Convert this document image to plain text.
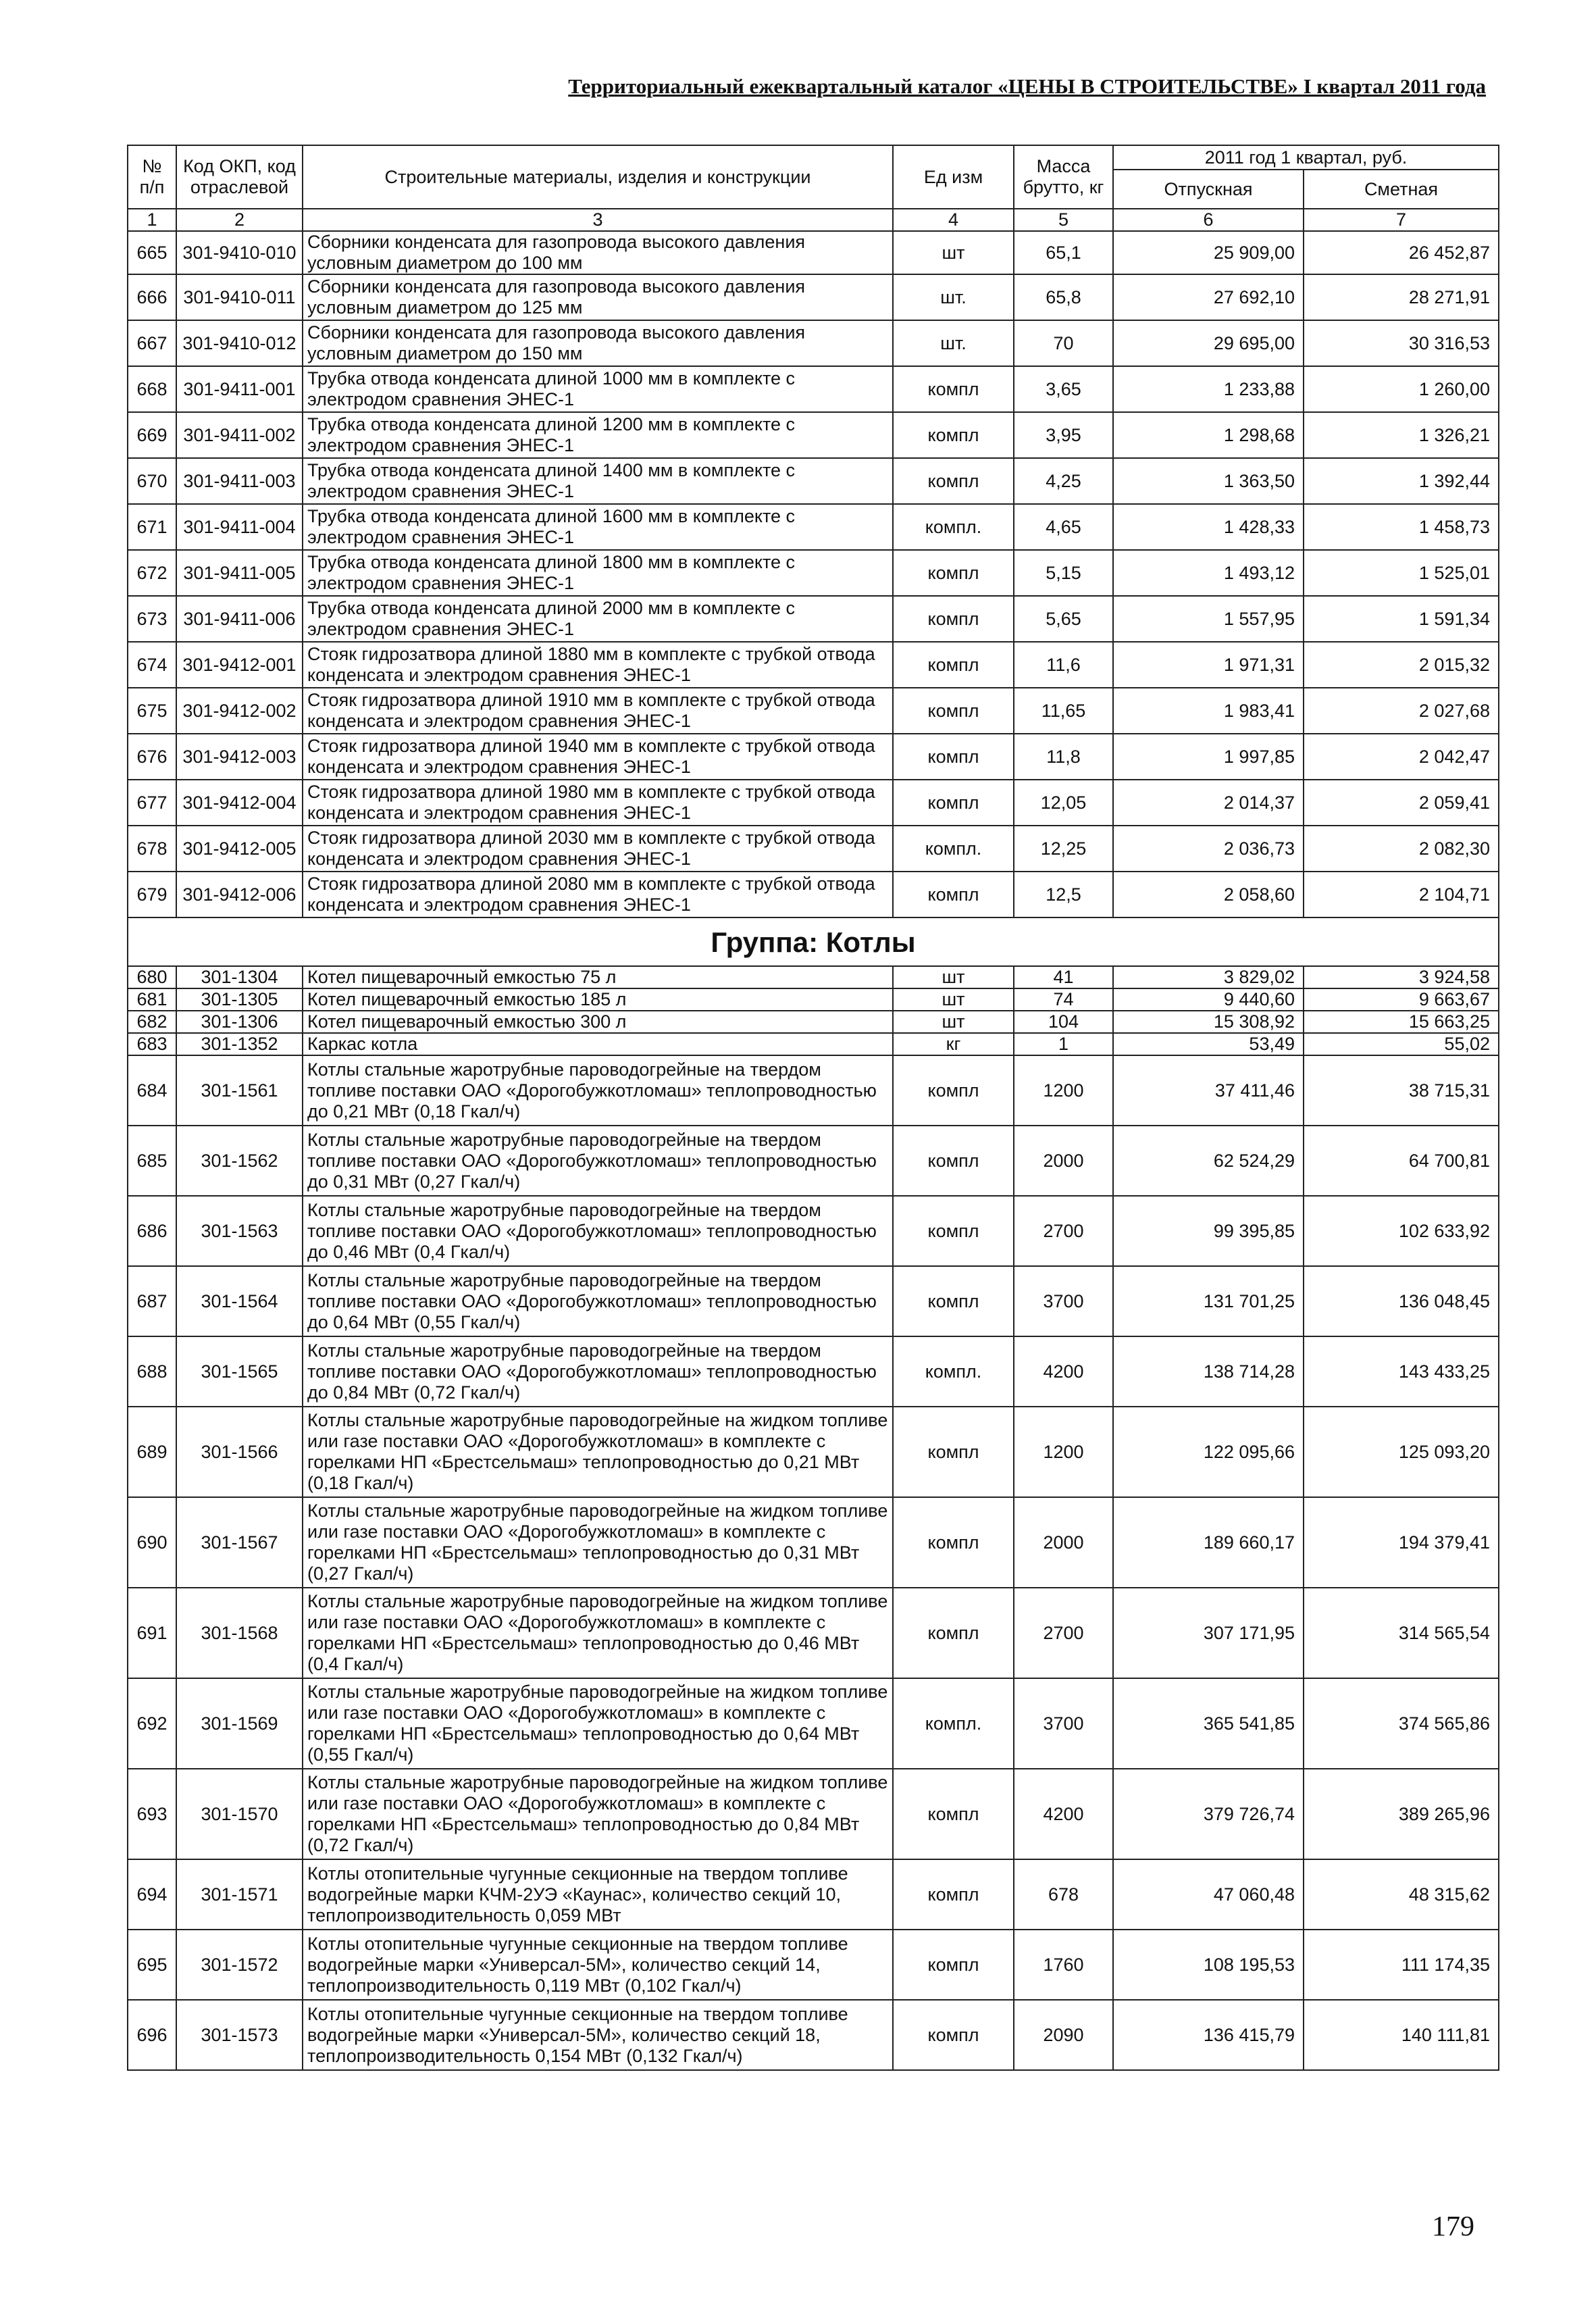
Территориальный ежеквартальный каталог «ЦЕНЫ В СТРОИТЕЛЬСТВЕ» I квартал 2011 года
№ п/п	Код ОКП, код отраслевой	Строительные материалы, изделия и конструкции	Ед изм	Масса брутто, кг	2011 год 1 квартал, руб.	
					Отпускная	Сметная
1	2	3	4	5	6	7
665	301-9410-010	Сборники конденсата для газопровода высокого давления условным диаметром до 100 мм	шт	65,1	25 909,00	26 452,87
666	301-9410-011	Сборники конденсата для газопровода высокого давления условным диаметром до 125 мм	шт.	65,8	27 692,10	28 271,91
667	301-9410-012	Сборники конденсата для газопровода высокого давления условным диаметром до 150 мм	шт.	70	29 695,00	30 316,53
668	301-9411-001	Трубка отвода конденсата длиной 1000 мм в комплекте с электродом сравнения ЭНЕС-1	компл	3,65	1 233,88	1 260,00
669	301-9411-002	Трубка отвода конденсата длиной 1200 мм в комплекте с электродом сравнения ЭНЕС-1	компл	3,95	1 298,68	1 326,21
670	301-9411-003	Трубка отвода конденсата длиной 1400 мм в комплекте с электродом сравнения ЭНЕС-1	компл	4,25	1 363,50	1 392,44
671	301-9411-004	Трубка отвода конденсата длиной 1600 мм в комплекте с электродом сравнения ЭНЕС-1	компл.	4,65	1 428,33	1 458,73
672	301-9411-005	Трубка отвода конденсата длиной 1800 мм в комплекте с электродом сравнения ЭНЕС-1	компл	5,15	1 493,12	1 525,01
673	301-9411-006	Трубка отвода конденсата длиной 2000 мм в комплекте с электродом сравнения ЭНЕС-1	компл	5,65	1 557,95	1 591,34
674	301-9412-001	Стояк гидрозатвора длиной 1880 мм в комплекте с трубкой отвода конденсата и электродом сравнения ЭНЕС-1	компл	11,6	1 971,31	2 015,32
675	301-9412-002	Стояк гидрозатвора длиной 1910 мм в комплекте с трубкой отвода конденсата и электродом сравнения ЭНЕС-1	компл	11,65	1 983,41	2 027,68
676	301-9412-003	Стояк гидрозатвора длиной 1940 мм в комплекте с трубкой отвода конденсата и электродом сравнения ЭНЕС-1	компл	11,8	1 997,85	2 042,47
677	301-9412-004	Стояк гидрозатвора длиной 1980 мм в комплекте с трубкой отвода конденсата и электродом сравнения ЭНЕС-1	компл	12,05	2 014,37	2 059,41
678	301-9412-005	Стояк гидрозатвора длиной 2030 мм в комплекте с трубкой отвода конденсата и электродом сравнения ЭНЕС-1	компл.	12,25	2 036,73	2 082,30
679	301-9412-006	Стояк гидрозатвора длиной 2080 мм в комплекте с трубкой отвода конденсата и электродом сравнения ЭНЕС-1	компл	12,5	2 058,60	2 104,71
Группа: Котлы						
680	301-1304	Котел пищеварочный емкостью 75 л	шт	41	3 829,02	3 924,58
681	301-1305	Котел пищеварочный емкостью 185 л	шт	74	9 440,60	9 663,67
682	301-1306	Котел пищеварочный емкостью 300 л	шт	104	15 308,92	15 663,25
683	301-1352	Каркас котла	кг	1	53,49	55,02
684	301-1561	Котлы стальные жаротрубные пароводогрейные на твердом топливе поставки ОАО «Дорогобужкотломаш» теплопроводностью до 0,21 МВт (0,18 Гкал/ч)	компл	1200	37 411,46	38 715,31
685	301-1562	Котлы стальные жаротрубные пароводогрейные на твердом топливе поставки ОАО «Дорогобужкотломаш» теплопроводностью до 0,31 МВт (0,27 Гкал/ч)	компл	2000	62 524,29	64 700,81
686	301-1563	Котлы стальные жаротрубные пароводогрейные на твердом топливе поставки ОАО «Дорогобужкотломаш» теплопроводностью до 0,46 МВт (0,4 Гкал/ч)	компл	2700	99 395,85	102 633,92
687	301-1564	Котлы стальные жаротрубные пароводогрейные на твердом топливе поставки ОАО «Дорогобужкотломаш» теплопроводностью до 0,64 МВт (0,55 Гкал/ч)	компл	3700	131 701,25	136 048,45
688	301-1565	Котлы стальные жаротрубные пароводогрейные на твердом топливе поставки ОАО «Дорогобужкотломаш» теплопроводностью до 0,84 МВт (0,72 Гкал/ч)	компл.	4200	138 714,28	143 433,25
689	301-1566	Котлы стальные жаротрубные пароводогрейные на жидком топливе или газе поставки ОАО «Дорогобужкотломаш» в комплекте с горелками НП «Брестсельмаш» теплопроводностью до 0,21 МВт (0,18 Гкал/ч)	компл	1200	122 095,66	125 093,20
690	301-1567	Котлы стальные жаротрубные пароводогрейные на жидком топливе или газе поставки ОАО «Дорогобужкотломаш» в комплекте с горелками НП «Брестсельмаш» теплопроводностью до 0,31 МВт (0,27 Гкал/ч)	компл	2000	189 660,17	194 379,41
691	301-1568	Котлы стальные жаротрубные пароводогрейные на жидком топливе или газе поставки ОАО «Дорогобужкотломаш» в комплекте с горелками НП «Брестсельмаш» теплопроводностью до 0,46 МВт (0,4 Гкал/ч)	компл	2700	307 171,95	314 565,54
692	301-1569	Котлы стальные жаротрубные пароводогрейные на жидком топливе или газе поставки ОАО «Дорогобужкотломаш» в комплекте с горелками НП «Брестсельмаш» теплопроводностью до 0,64 МВт (0,55 Гкал/ч)	компл.	3700	365 541,85	374 565,86
693	301-1570	Котлы стальные жаротрубные пароводогрейные на жидком топливе или газе поставки ОАО «Дорогобужкотломаш» в комплекте с горелками НП «Брестсельмаш» теплопроводностью до 0,84 МВт (0,72 Гкал/ч)	компл	4200	379 726,74	389 265,96
694	301-1571	Котлы отопительные чугунные секционные на твердом топливе водогрейные марки КЧМ-2УЭ «Каунас», количество секций 10, теплопроизводительность 0,059 МВт	компл	678	47 060,48	48 315,62
695	301-1572	Котлы отопительные чугунные секционные на твердом топливе водогрейные марки «Универсал-5М», количество секций 14, теплопроизводительность 0,119 МВт (0,102 Гкал/ч)	компл	1760	108 195,53	111 174,35
696	301-1573	Котлы отопительные чугунные секционные на твердом топливе водогрейные марки «Универсал-5М», количество секций 18, теплопроизводительность 0,154 МВт (0,132 Гкал/ч)	компл	2090	136 415,79	140 111,81
179
